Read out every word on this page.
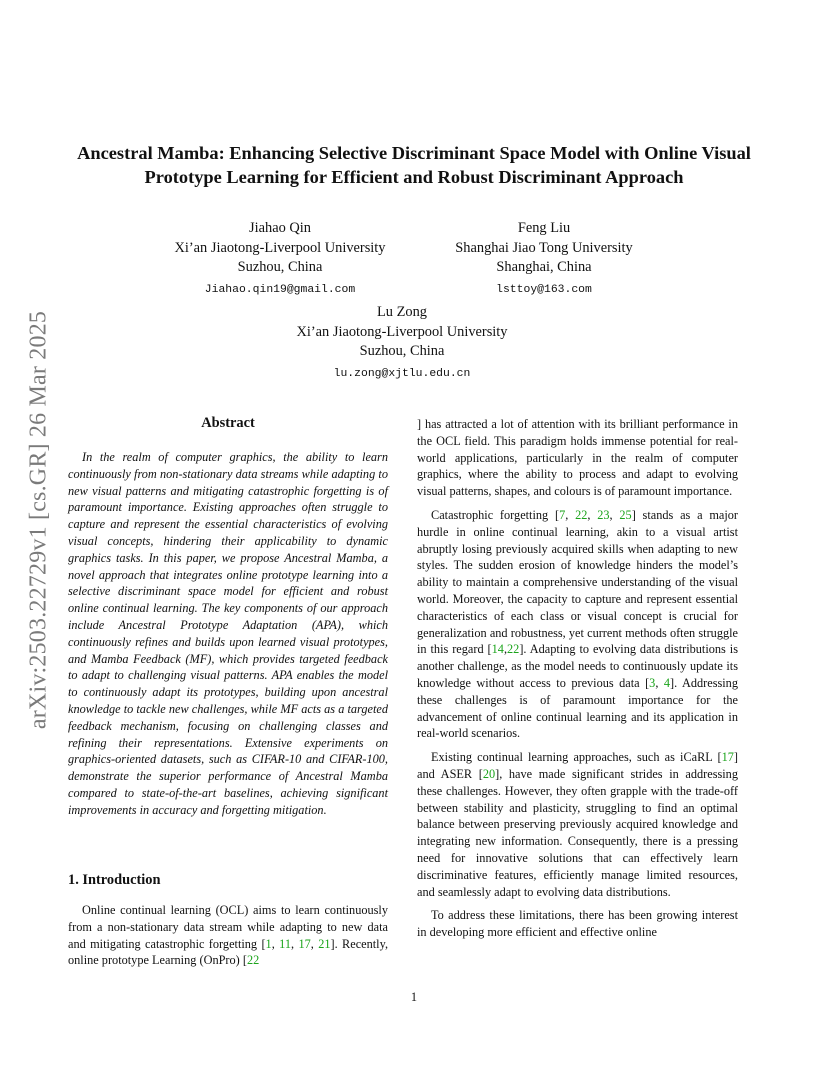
arXiv:2503.22729v1 [cs.GR] 26 Mar 2025
Ancestral Mamba: Enhancing Selective Discriminant Space Model with Online Visual Prototype Learning for Efficient and Robust Discriminant Approach
Jiahao Qin
Xi’an Jiaotong-Liverpool University
Suzhou, China
Jiahao.qin19@gmail.com
Feng Liu
Shanghai Jiao Tong University
Shanghai, China
lsttoy@163.com
Lu Zong
Xi’an Jiaotong-Liverpool University
Suzhou, China
lu.zong@xjtlu.edu.cn
Abstract

In the realm of computer graphics, the ability to learn continuously from non-stationary data streams while adapting to new visual patterns and mitigating catastrophic forgetting is of paramount importance. Existing approaches often struggle to capture and represent the essential characteristics of evolving visual concepts, hindering their applicability to dynamic graphics tasks. In this paper, we propose Ancestral Mamba, a novel approach that integrates online prototype learning into a selective discriminant space model for efficient and robust online continual learning. The key components of our approach include Ancestral Prototype Adaptation (APA), which continuously refines and builds upon learned visual prototypes, and Mamba Feedback (MF), which provides targeted feedback to adapt to challenging visual patterns. APA enables the model to continuously adapt its prototypes, building upon ancestral knowledge to tackle new challenges, while MF acts as a targeted feedback mechanism, focusing on challenging classes and refining their representations. Extensive experiments on graphics-oriented datasets, such as CIFAR-10 and CIFAR-100, demonstrate the superior performance of Ancestral Mamba compared to state-of-the-art baselines, achieving significant improvements in accuracy and forgetting mitigation.

1. Introduction

Online continual learning (OCL) aims to learn continuously from a non-stationary data stream while adapting to new data and mitigating catastrophic forgetting [1, 11, 17, 21]. Recently, online prototype Learning (OnPro) [22

] has attracted a lot of attention with its brilliant performance in the OCL field. This paradigm holds immense potential for real-world applications, particularly in the realm of computer graphics, where the ability to process and adapt to evolving visual patterns, shapes, and colours is of paramount importance.

Catastrophic forgetting [7, 22, 23, 25] stands as a major hurdle in online continual learning, akin to a visual artist abruptly losing previously acquired skills when adapting to new styles. The sudden erosion of knowledge hinders the model’s ability to maintain a comprehensive understanding of the visual world. Moreover, the capacity to capture and represent essential characteristics of each class or visual concept is crucial for generalization and robustness, yet current methods often struggle in this regard [14,22]. Adapting to evolving data distributions is another challenge, as the model needs to continuously update its knowledge without access to previous data [3, 4]. Addressing these challenges is of paramount importance for the advancement of online continual learning and its application in real-world scenarios.

Existing continual learning approaches, such as iCaRL [17] and ASER [20], have made significant strides in addressing these challenges. However, they often grapple with the trade-off between stability and plasticity, struggling to find an optimal balance between preserving previously acquired knowledge and integrating new information. Consequently, there is a pressing need for innovative solutions that can effectively learn discriminative features, efficiently manage limited resources, and seamlessly adapt to evolving data distributions.

To address these limitations, there has been growing interest in developing more efficient and effective online

1
